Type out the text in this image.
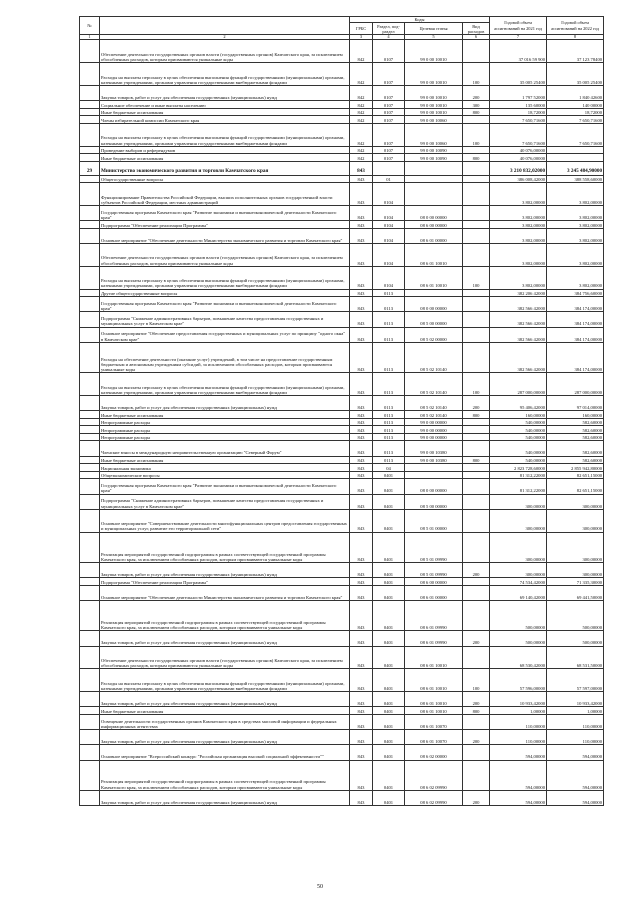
№		Коды				Годовой объем ассигнований на 2021 год	Годовой объем ассигнований на 2022 год
		ГРБС	Раздел, под-раздел	Целевая статья	Вид расходов		
1	2	3	4	5	6	7	8
	Обеспечение деятельности государственных органов власти (государственных органов) Камчатского края, за исключением обособленных расходов, которым присваиваются уникальные коды	842	0107	99 0 00 10010		37 016 59 900	37 123 78400
	Расходы на выплаты персоналу в целях обеспечения выполнения функций государственными (муниципальными) органами, казенными учреждениями, органами управления государственными внебюджетными фондами	842	0107	99 0 00 10010	100	35 005 25400	35 005 25400
	Закупка товаров, работ и услуг для обеспечения государственных (муниципальных) нужд	842	0107	99 0 00 10010	200	1 797 52000	1 840 42600
	Социальное обеспечение и иные выплаты населению	842	0107	99 0 00 10010	300	135 60000	140 00000
	Иные бюджетные ассигнования	842	0107	99 0 00 10010	800	18,72000	18,72000
	Члены избирательной комиссии Камчатского края	842	0107	99 0 00 10060		7 650,71600	7 650,71600
	Расходы на выплаты персоналу в целях обеспечения выполнения функций государственными (муниципальными) органами, казенными учреждениями, органами управления государственными внебюджетными фондами	842	0107	99 0 00 10060	100	7 650,71600	7 650,71600
	Проведение выборов и референдумов	842	0107	99 0 00 10090		40 076,00000	
	Иные бюджетные ассигнования	842	0107	99 0 00 10090	800	40 076,00000	
29	Министерство экономического развития и торговли Камчатского края	843				3 210 832,02000	3 245 484,90000
	Общегосударственные вопросы	843	01			386 008,42000	388 558,60000
	Функционирование Правительства Российской Федерации, высших исполнительных органов государственной власти субъектов Российской Федерации, местных администраций	843	0104			3 802,00000	3 802,00000
	Государственная программа Камчатского края "Развитие экономики и внешнеэкономической деятельности Камчатского края"	843	0104	08 0 00 00000		3 802,00000	3 802,00000
	Подпрограмма "Обеспечение реализации Программы"	843	0104	08 6 00 00000		3 802,00000	3 802,00000
	Основное мероприятие "Обеспечение деятельности Министерства экономического развития и торговли Камчатского края"	843	0104	08 6 01 00000		3 802,00000	3 802,00000
	Обеспечение деятельности государственных органов власти (государственных органов) Камчатского края, за исключением обособленных расходов, которым присваиваются уникальные коды	843	0104	08 6 01 10010		3 802,00000	3 802,00000
	Расходы на выплаты персоналу в целях обеспечения выполнения функций государственными (муниципальными) органами, казенными учреждениями, органами управления государственными внебюджетными фондами	843	0104	08 6 01 10010	100	3 802,00000	3 802,00000
	Другие общегосударственные вопросы	843	0113			382 206 42000	384 756,60000
	Государственная программа Камчатского края "Развитие экономики и внешнеэкономической деятельности Камчатского края"	843	0113	08 0 00 00000		382 566 42000	384 174,00000
	Подпрограмма "Снижение административных барьеров, повышение качества предоставления государственных и муниципальных услуг в Камчатском крае"	843	0113	08 5 00 00000		382 566 42000	384 174,00000
	Основное мероприятие "Обеспечение предоставления государственных и муниципальных услуг по принципу "одного окна" в Камчатском крае"	843	0113	08 5 02 00000		382 566 42000	384 174,00000
	Расходы на обеспечение деятельности (оказание услуг) учреждений, в том числе на предоставление государственным бюджетным и автономным учреждениям субсидий, за исключением обособленных расходов, которым присваиваются уникальные коды	843	0113	08 5 02 10140		382 566 42000	384 174,00000
	Расходы на выплаты персоналу в целях обеспечения выполнения функций государственными (муниципальными) органами, казенными учреждениями, органами управления государственными внебюджетными фондами	843	0113	08 5 02 10140	100	287 000,00000	287 000,00000
	Закупка товаров, работ и услуг для обеспечения государственных (муниципальных) нужд	843	0113	08 5 02 10140	200	95 406,42000	97 014,00000
	Иные бюджетные ассигнования	843	0113	08 5 02 10140	800	160,00000	160,00000
	Непрограммные расходы	843	0113	99 0 00 00000		540,00000	582,60000
	Непрограммные расходы	843	0113	99 0 00 00000		540,00000	582,60000
	Непрограммные расходы	843	0113	99 0 00 00000		540,00000	582,60000
	Членские взносы в международную неправительственную организацию "Северный Форум"	843	0113	99 0 00 10380		540,00000	582,60000
	Иные бюджетные ассигнования	843	0113	99 0 00 10380	800	540,00000	582,60000
	Национальная экономика	843	04			2 823 728,60000	2 855 942,80000
	Общеэкономические вопросы	843	0401			81 312,22000	82 651,15000
	Государственная программа Камчатского края "Развитие экономики и внешнеэкономической деятельности Камчатского края"	843	0401	08 0 00 00000		81 312,22000	82 651,15000
	Подпрограмма "Снижение административных барьеров, повышение качества предоставления государственных и муниципальных услуг в Камчатском крае"	843	0401	08 5 00 00000		300,00000	300,00000
	Основное мероприятие "Совершенствование деятельности многофункциональных центров предоставления государственных и муниципальных услуг, развитие его территориальной сети"	843	0401	08 5 01 00000		300,00000	300,00000
	Реализация мероприятий государственной подпрограммы в рамках соответствующей государственной программы Камчатского края, за исключением обособленных расходов, которым присваиваются уникальные коды	843	0401	08 5 01 09990		300,00000	300,00000
	Закупка товаров, работ и услуг для обеспечения государственных (муниципальных) нужд	843	0401	08 5 01 09990	200	300,00000	300,00000
	Подпрограмма "Обеспечение реализации Программы"	843	0401	08 6 00 00000		74 534,42000	71 335,30000
	Основное мероприятие "Обеспечение деятельности Министерства экономического развития и торговли Камчатского края"	843	0401	08 6 01 00000		69 140,42000	69 441,50000
	Реализация мероприятий государственной подпрограммы в рамках соответствующей государственной программы Камчатского края, за исключением обособленных расходов, которым присваиваются уникальные коды	843	0401	08 6 01 09990		500,00000	500,00000
	Закупка товаров, работ и услуг для обеспечения государственных (муниципальных) нужд	843	0401	08 6 01 09990	200	500,00000	500,00000
	Обеспечение деятельности государственных органов власти (государственных органов) Камчатского края, за исключением обособленных расходов, которым присваиваются уникальные коды	843	0401	08 6 01 10010		68 530,42000	68 531,50000
	Расходы на выплаты персоналу в целях обеспечения выполнения функций государственными (муниципальными) органами, казенными учреждениями, органами управления государственными внебюджетными фондами	843	0401	08 6 01 10010	100	57 596,00000	57 597,00000
	Закупка товаров, работ и услуг для обеспечения государственных (муниципальных) нужд	843	0401	08 6 01 10010	200	10 933,42000	10 933,42000
	Иные бюджетные ассигнования	843	0401	08 6 01 10010	800	1,00000	1,00000
	Освещение деятельности государственных органов Камчатского края в средствах массовой информации и федеральных информационных агентствах	843	0401	08 6 01 10070		110,00000	110,00000
	Закупка товаров, работ и услуг для обеспечения государственных (муниципальных) нужд	843	0401	08 6 01 10070	200	110,00000	110,00000
	Основное мероприятие "Всероссийский конкурс "Российская организация высокой социальной эффективности""	843	0401	08 6 02 00000		594,00000	594,00000
	Реализация мероприятий государственной подпрограммы в рамках соответствующей государственной программы Камчатского края, за исключением обособленных расходов, которым присваиваются уникальные коды	843	0401	08 6 02 09990		594,00000	594,00000
	Закупка товаров, работ и услуг для обеспечения государственных (муниципальных) нужд	843	0401	08 6 02 09990	200	594,00000	594,00000
50
